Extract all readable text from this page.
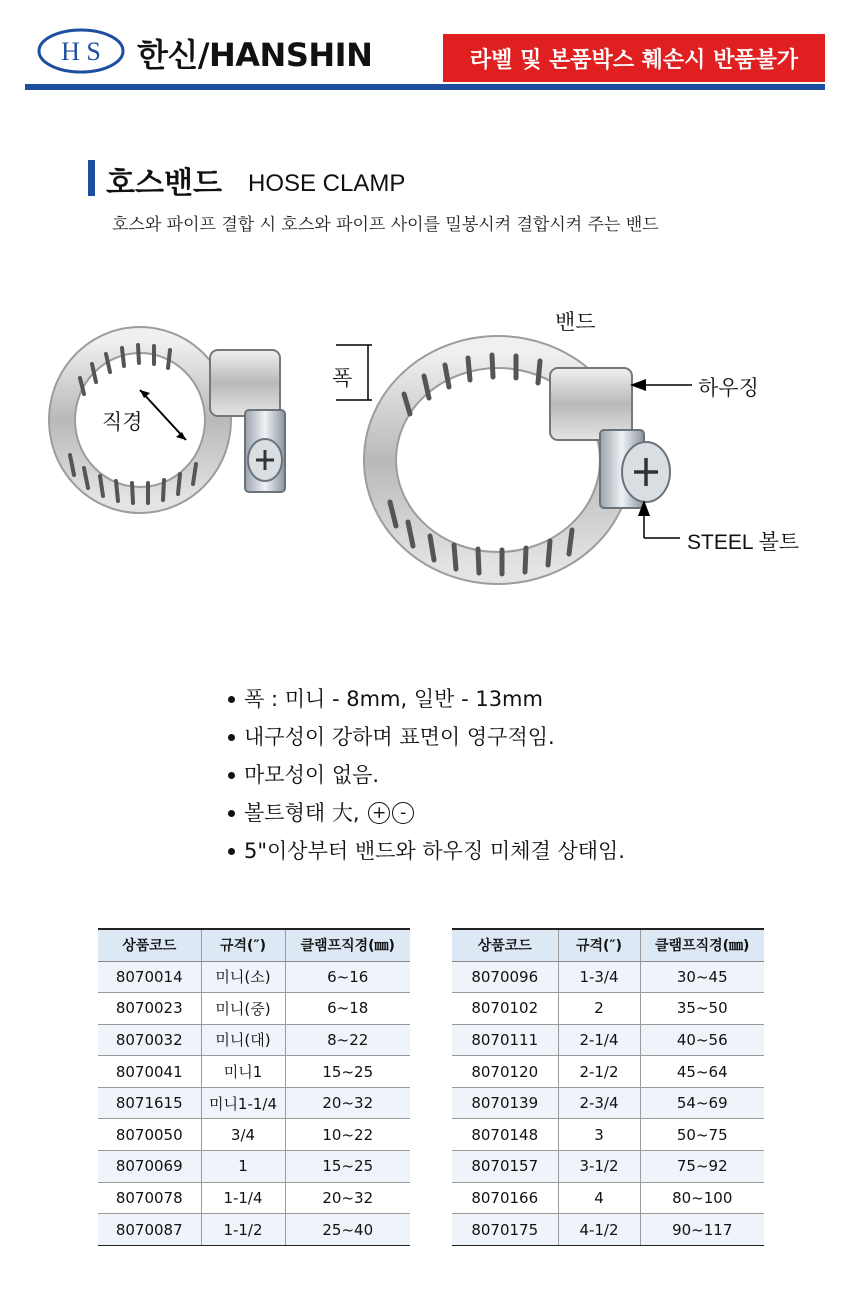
H S 한신/HANSHIN	라벨 및 본품박스 훼손시 반품불가
호스밴드 HOSE CLAMP
호스와 파이프 결합 시 호스와 파이프 사이를 밀봉시켜 결합시켜 주는 밴드
밴드
폭
직경
하우징
STEEL 볼트
폭 : 미니 - 8mm, 일반 - 13mm
내구성이 강하며 표면이 영구적임.
마모성이 없음.
볼트형태 大,
+ -
5"이상부터 밴드와 하우징 미체결 상태임.
상품코드	규격(″)	클램프직경(㎜)
8070014	미니(소)	6~16
8070023	미니(중)	6~18
8070032	미니(대)	8~22
8070041	미니1	15~25
8071615	미니1-1/4	20~32
8070050	3/4	10~22
8070069	1	15~25
8070078	1-1/4	20~32
8070087	1-1/2	25~40
상품코드	규격(″)	클램프직경(㎜)
8070096	1-3/4	30~45
8070102	2	35~50
8070111	2-1/4	40~56
8070120	2-1/2	45~64
8070139	2-3/4	54~69
8070148	3	50~75
8070157	3-1/2	75~92
8070166	4	80~100
8070175	4-1/2	90~117
